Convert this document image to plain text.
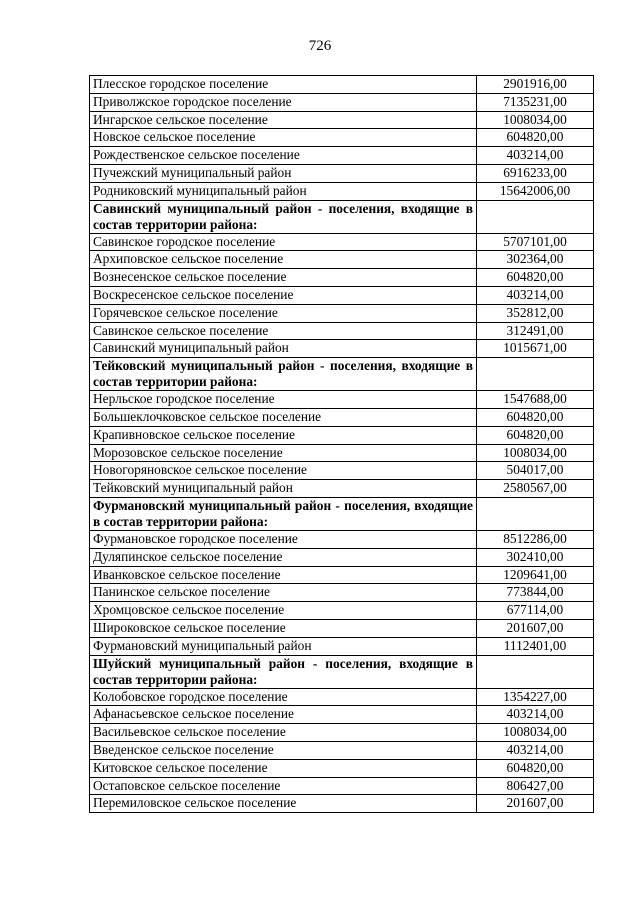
726
Плесское городское поселение	2901916,00
Приволжское городское поселение	7135231,00
Ингарское сельское поселение	1008034,00
Новское сельское поселение	604820,00
Рождественское сельское поселение	403214,00
Пучежский муниципальный район	6916233,00
Родниковский муниципальный район	15642006,00
Савинский муниципальный район - поселения, входящие в состав территории района:	
Савинское городское поселение	5707101,00
Архиповское сельское поселение	302364,00
Вознесенское сельское поселение	604820,00
Воскресенское сельское поселение	403214,00
Горячевское сельское поселение	352812,00
Савинское сельское поселение	312491,00
Савинский муниципальный район	1015671,00
Тейковский муниципальный район - поселения, входящие в состав территории района:	
Нерльское городское поселение	1547688,00
Большеклочковское сельское поселение	604820,00
Крапивновское сельское поселение	604820,00
Морозовское сельское поселение	1008034,00
Новогоряновское сельское поселение	504017,00
Тейковский муниципальный район	2580567,00
Фурмановский муниципальный район - поселения, входящие в состав территории района:	
Фурмановское городское поселение	8512286,00
Дуляпинское сельское поселение	302410,00
Иванковское сельское поселение	1209641,00
Панинское сельское поселение	773844,00
Хромцовское сельское поселение	677114,00
Широковское сельское поселение	201607,00
Фурмановский муниципальный район	1112401,00
Шуйский муниципальный район - поселения, входящие в состав территории района:	
Колобовское городское поселение	1354227,00
Афанасьевское сельское поселение	403214,00
Васильевское сельское поселение	1008034,00
Введенское сельское поселение	403214,00
Китовское сельское поселение	604820,00
Остаповское сельское поселение	806427,00
Перемиловское сельское поселение	201607,00
